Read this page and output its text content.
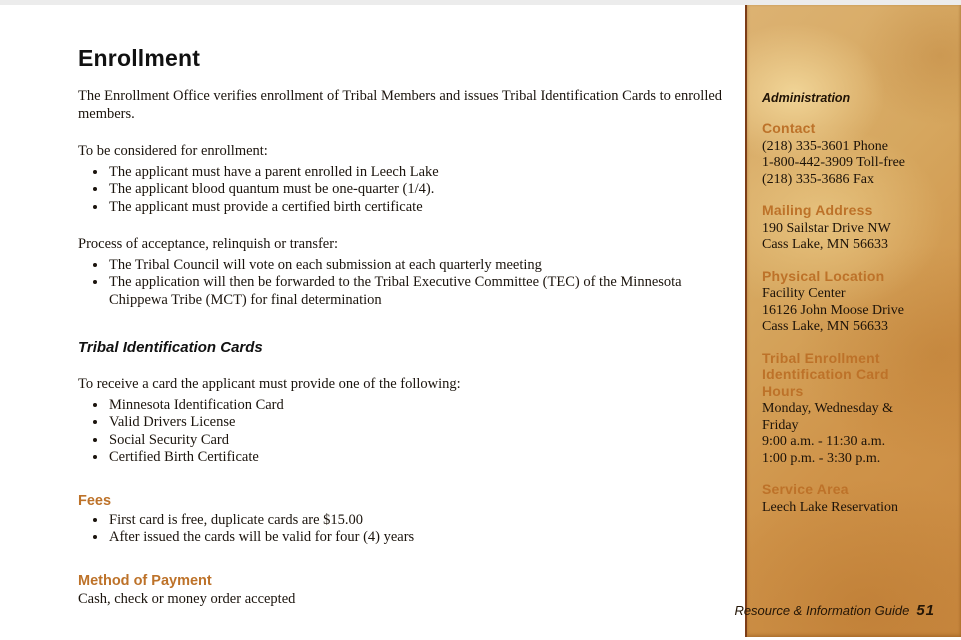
Enrollment

The Enrollment Office verifies enrollment of Tribal Members and issues Tribal Identification Cards to enrolled members.

To be considered for enrollment:

• The applicant must have a parent enrolled in Leech Lake
• The applicant blood quantum must be one-quarter (1/4).
• The applicant must provide a certified birth certificate

Process of acceptance, relinquish or transfer:

• The Tribal Council will vote on each submission at each quarterly meeting
• The application will then be forwarded to the Tribal Executive Committee (TEC) of the Minnesota Chippewa Tribe (MCT) for final determination
Tribal Identification Cards

To receive a card the applicant must provide one of the following:

• Minnesota Identification Card
• Valid Drivers License
• Social Security Card
• Certified Birth Certificate
Fees
• First card is free, duplicate cards are $15.00
• After issued the cards will be valid for four (4) years
Method of Payment

Cash, check or money order accepted

Administration
Contact

(218) 335-3601 Phone

1-800-442-3909 Toll-free

(218) 335-3686 Fax

Mailing Address

190 Sailstar Drive NW

Cass Lake, MN 56633

Physical Location

Facility Center

16126 John Moose Drive

Cass Lake, MN 56633

Tribal Enrollment Identification Card Hours

Monday, Wednesday & Friday

9:00 a.m. - 11:30 a.m.

1:00 p.m. - 3:30 p.m.

Service Area

Leech Lake Reservation

Resource & Information Guide 51
